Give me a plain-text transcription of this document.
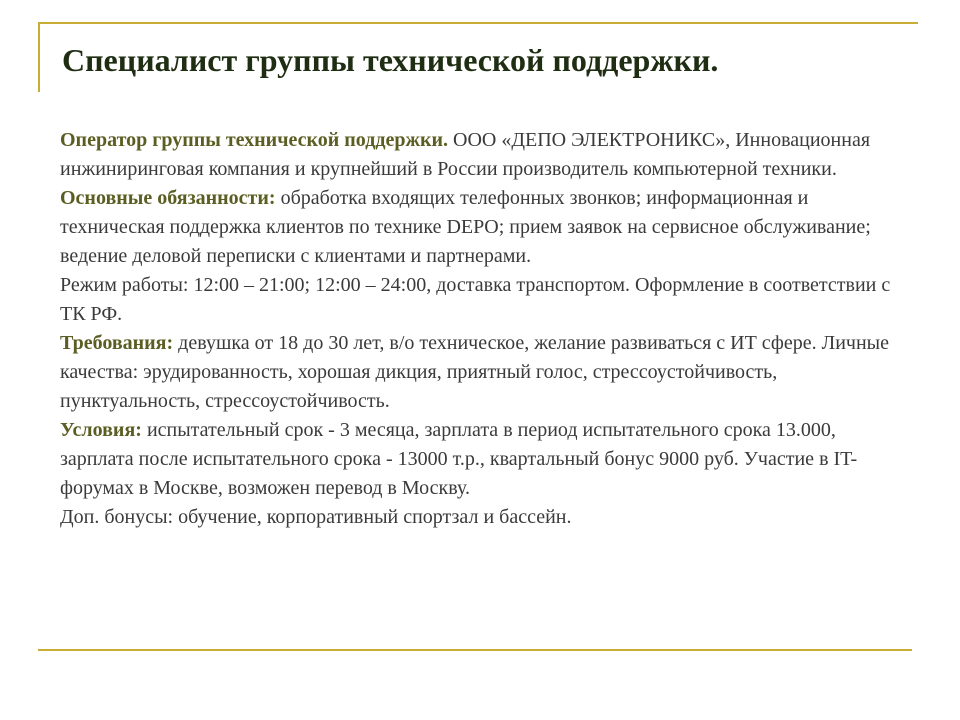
Специалист группы технической поддержки.

Оператор группы технической поддержки. ООО «ДЕПО ЭЛЕКТРОНИКС», Инновационная инжиниринговая компания и крупнейший в России производитель компьютерной техники.

Основные обязанности: обработка входящих телефонных звонков; информационная и техническая поддержка клиентов по технике DEPO; прием заявок на сервисное обслуживание; ведение деловой переписки с клиентами и партнерами.

Режим работы: 12:00 – 21:00; 12:00 – 24:00, доставка транспортом. Оформление в соответствии с ТК РФ.

Требования: девушка от 18 до 30 лет, в/о техническое, желание развиваться с ИТ сфере. Личные качества: эрудированность, хорошая дикция, приятный голос, стрессоустойчивость, пунктуальность, стрессоустойчивость.

Условия: испытательный срок - 3 месяца, зарплата в период испытательного срока 13.000, зарплата после испытательного срока - 13000 т.р., квартальный бонус 9000 руб. Участие в IT-форумах в Москве, возможен перевод в Москву.

Доп. бонусы: обучение, корпоративный спортзал и бассейн.
